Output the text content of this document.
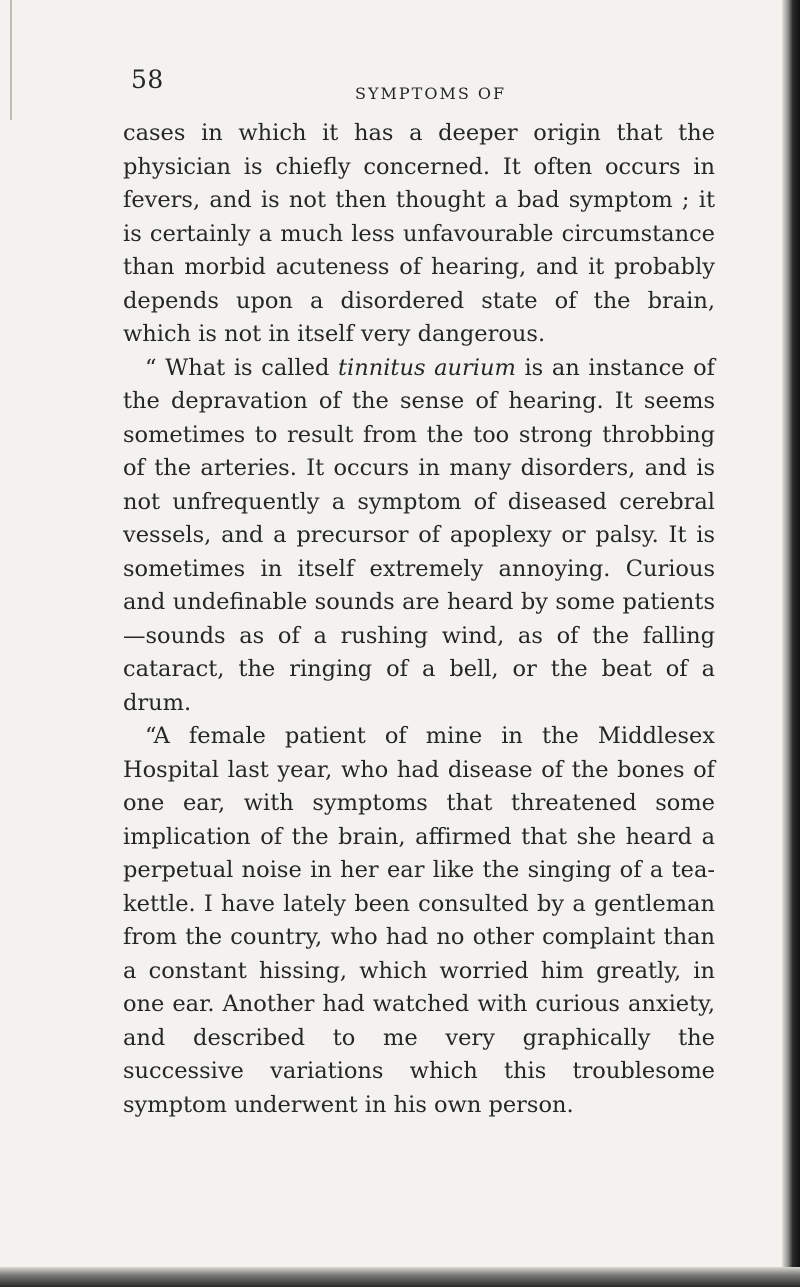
58	SYMPTOMS OF

cases in which it has a deeper origin that the physician is chiefly concerned. It often occurs in fevers, and is not then thought a bad symptom ; it is certainly a much less unfavourable circumstance than morbid acuteness of hearing, and it probably depends upon a disordered state of the brain, which is not in itself very dangerous.

“ What is called tinnitus aurium is an instance of the depravation of the sense of hearing. It seems sometimes to result from the too strong throbbing of the arteries. It occurs in many disorders, and is not unfrequently a symptom of diseased cerebral vessels, and a precursor of apoplexy or palsy. It is sometimes in itself extremely annoying. Curious and undefinable sounds are heard by some patients—sounds as of a rushing wind, as of the falling cataract, the ringing of a bell, or the beat of a drum.

“A female patient of mine in the Middlesex Hospital last year, who had disease of the bones of one ear, with symptoms that threatened some implication of the brain, affirmed that she heard a perpetual noise in her ear like the singing of a tea-kettle. I have lately been consulted by a gentleman from the country, who had no other complaint than a constant hissing, which worried him greatly, in one ear. Another had watched with curious anxiety, and described to me very graphically the successive variations which this troublesome symptom underwent in his own person.
